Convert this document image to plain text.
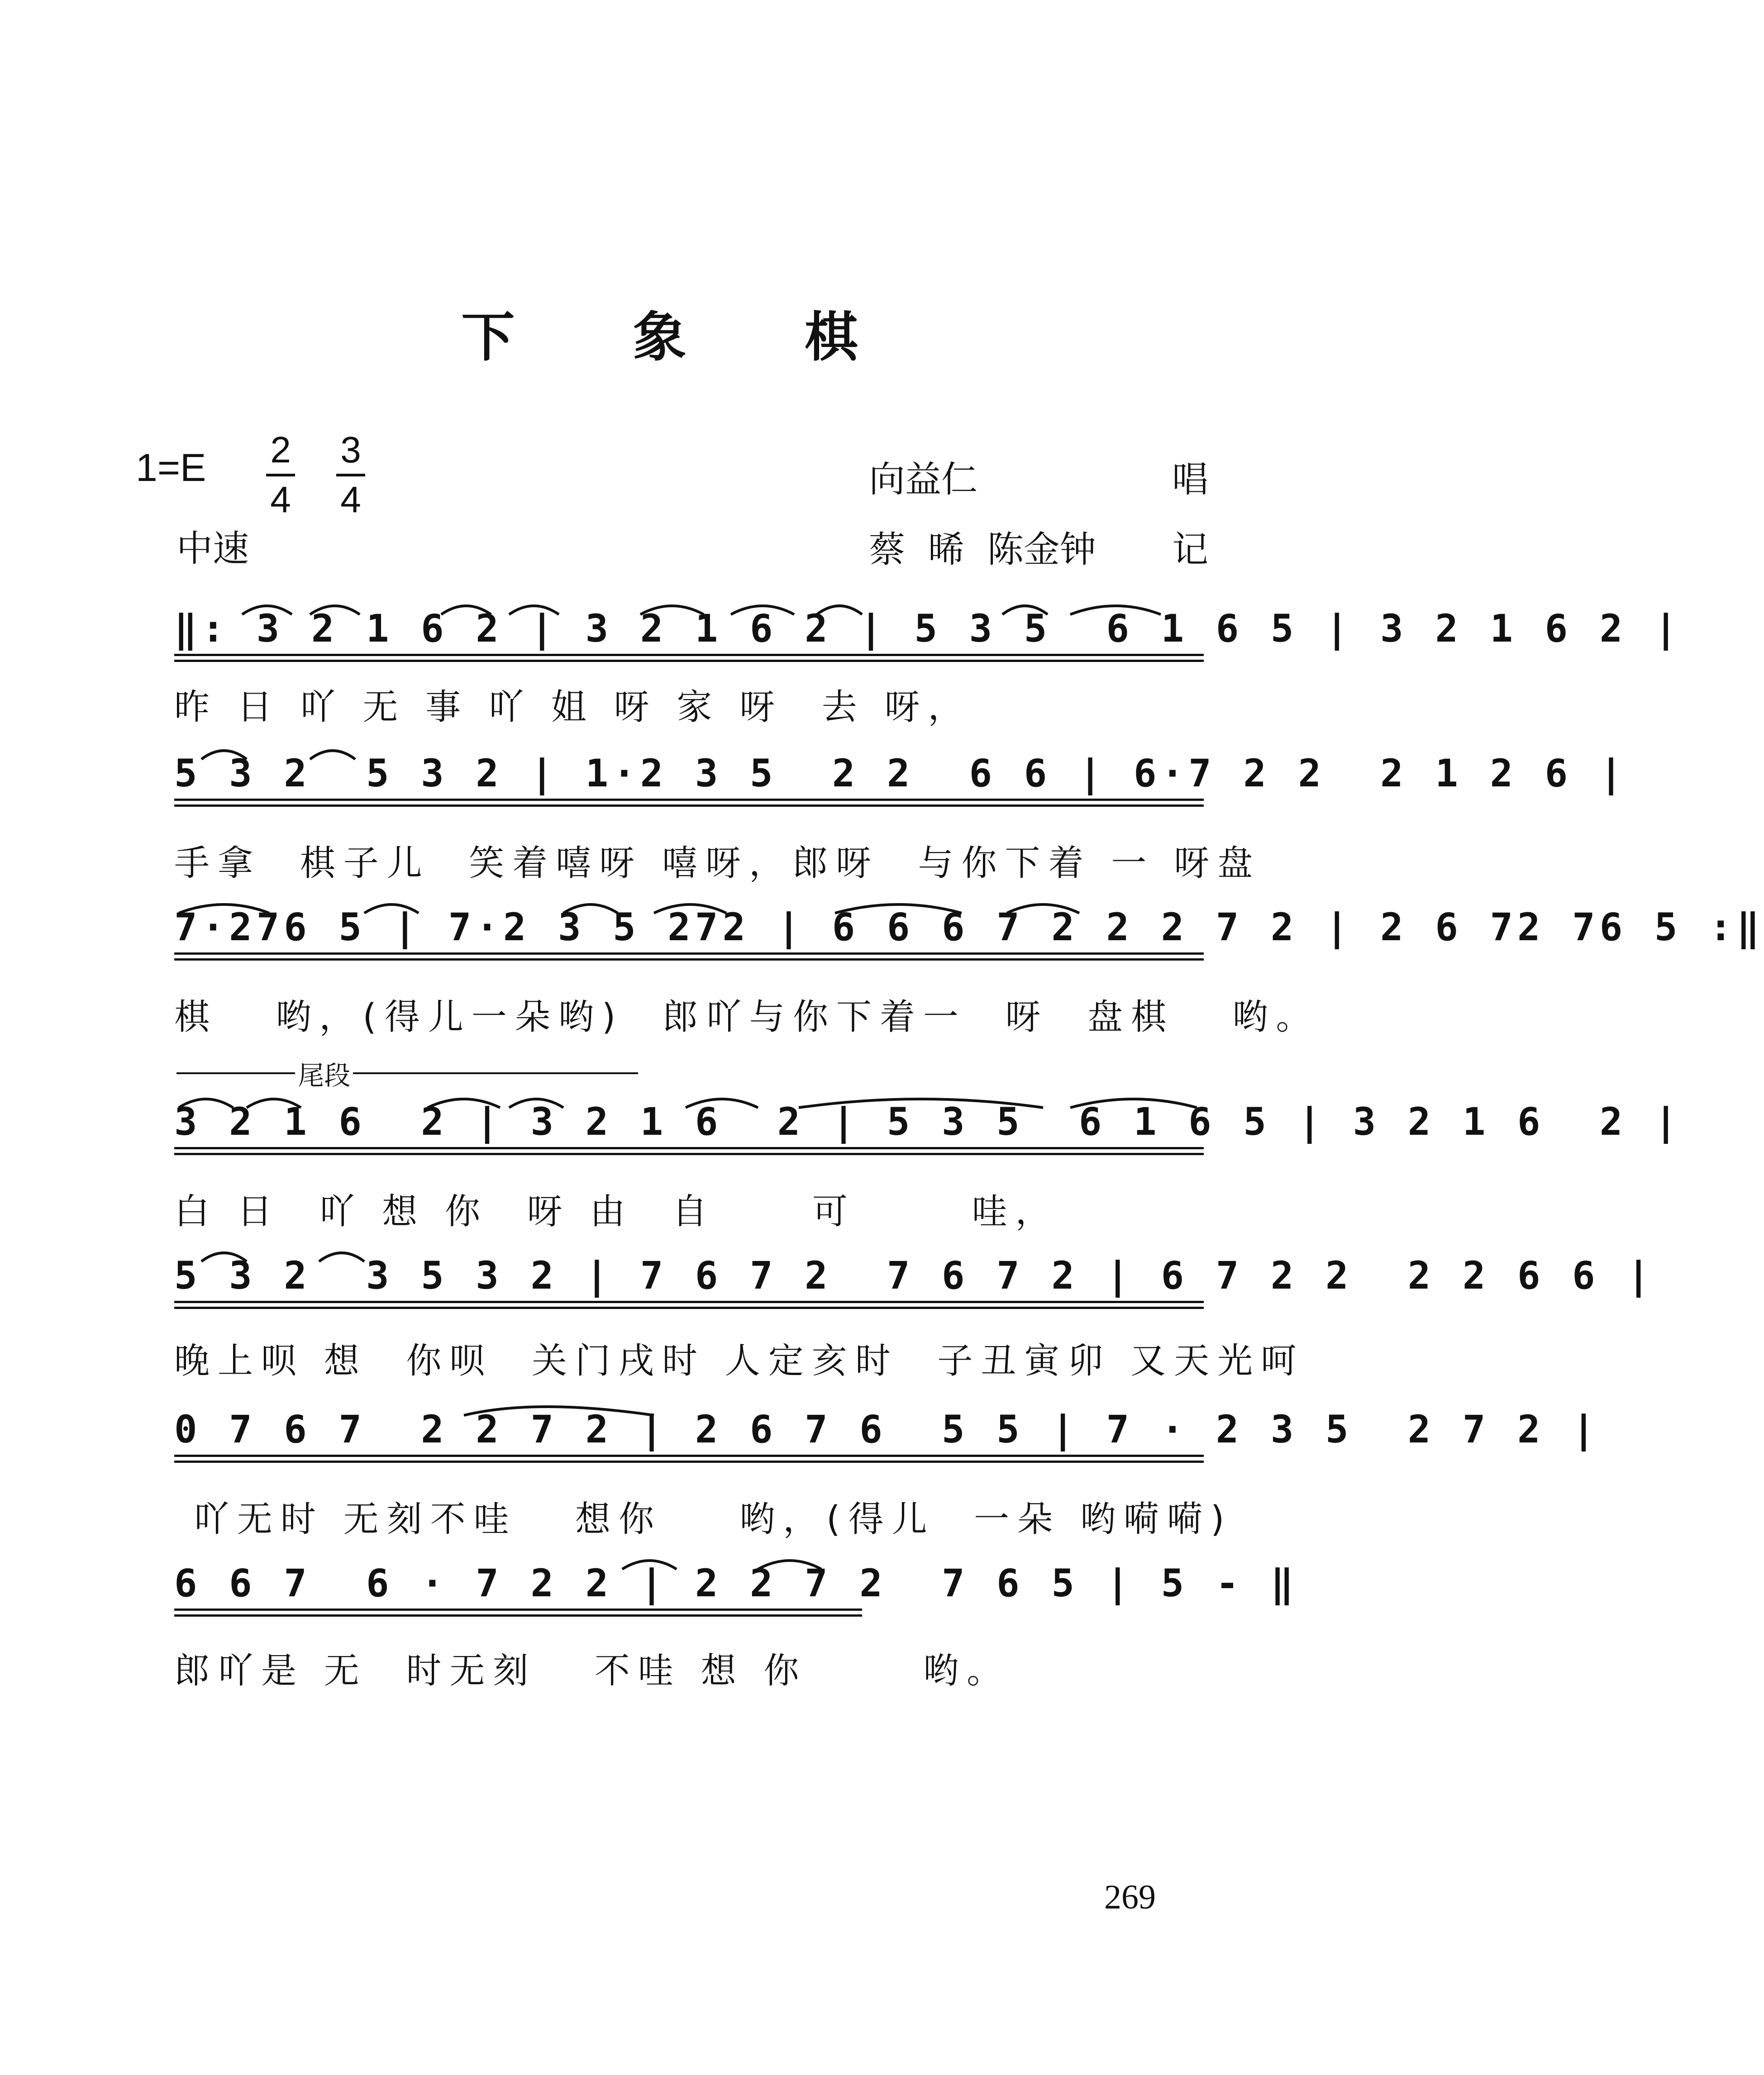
下 象 棋
1=E 2
4
3
4	向益仁	唱
蔡  晞  陈金钟 记
中速
‖: 3 2 1 6 2 | 3 2 1 6 2 | 5 3 5  6 1 6 5 | 3 2 1 6 2 |
昨 日 吖 无 事 吖 姐 呀 家 呀  去 呀，
5 3 2  5 3 2 | 1·2 3 5  2 2  6 6 | 6·7 2 2  2 1 2 6 |
手拿  棋子儿  笑着嘻呀 嘻呀，郎呀  与你下着 一 呀盘
7·276 5 | 7·2 3 5 272 | 6 6 6 7 2 2 2 7 2 | 2 6 72 76 5 :‖
棋   哟，(得儿一朵哟)  郎吖与你下着一  呀  盘棋   哟。
尾段
3 2 1 6  2 | 3 2 1 6  2 | 5 3 5  6 1 6 5 | 3 2 1 6  2 |
白 日  吖 想 你  呀 由  自     可      哇，
5 3 2  3 5 3 2 | 7 6 7 2  7 6 7 2 | 6 7 2 2  2 2 6 6 |
晚上呗 想  你呗  关门戌时 人定亥时  子丑寅卯 又天光呵
0 7 6 7  2 2 7 2 | 2 6 7 6  5 5 | 7 · 2 3 5  2 7 2 |
吖无时 无刻不哇   想你    哟，(得儿  一朵 哟嗬嗬)
6 6 7  6 · 7 2 2 | 2 2 7 2  7 6 5 | 5 - ‖
郎吖是 无  时无刻   不哇 想 你      哟。
269
